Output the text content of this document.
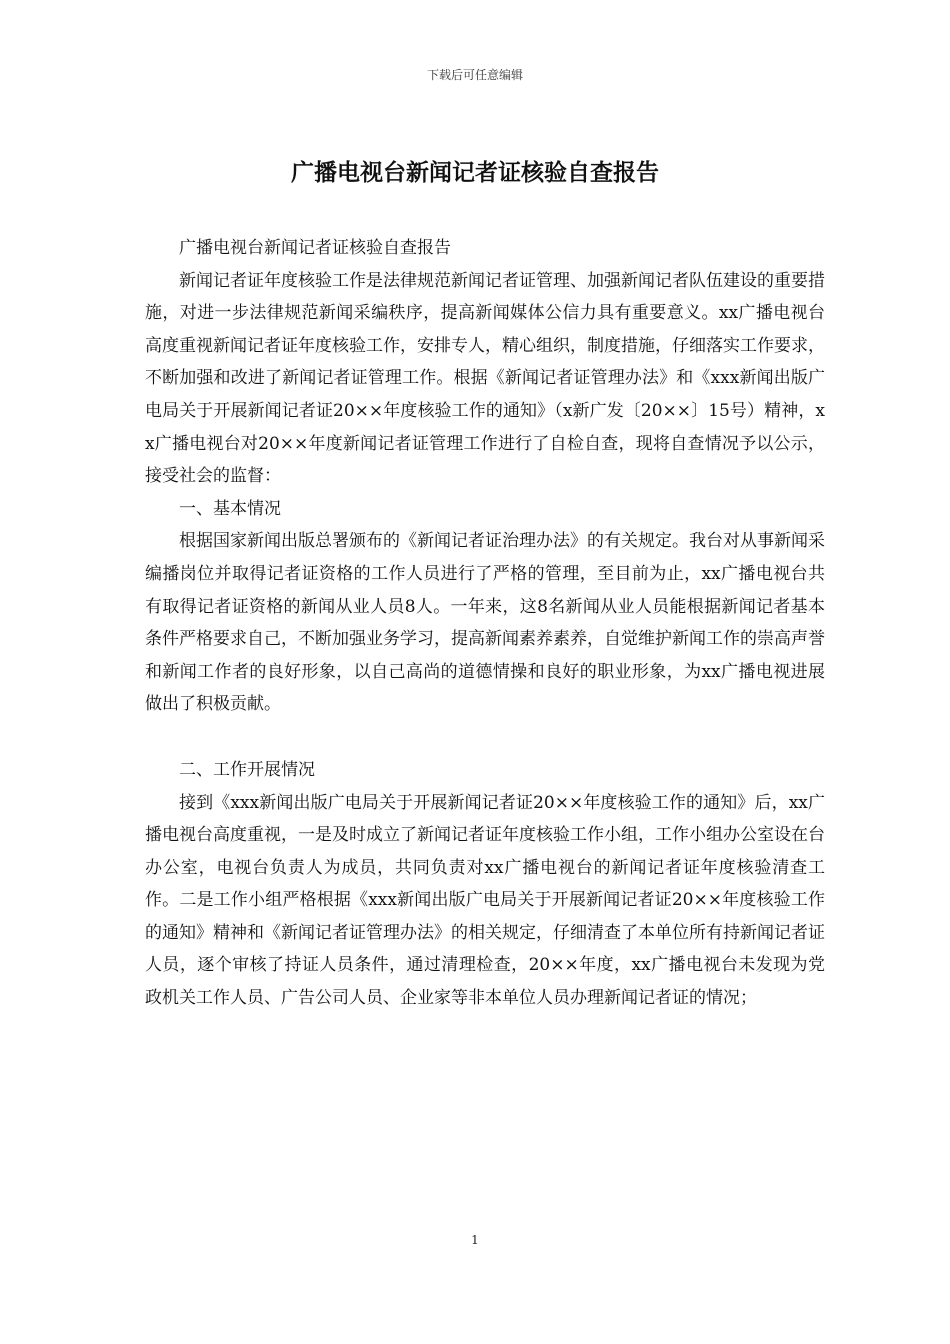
下载后可任意编辑
广播电视台新闻记者证核验自查报告

广播电视台新闻记者证核验自查报告

新闻记者证年度核验工作是法律规范新闻记者证管理、加强新闻记者队伍建设的重要措施，对进一步法律规范新闻采编秩序，提高新闻媒体公信力具有重要意义。xx广播电视台高度重视新闻记者证年度核验工作，安排专人，精心组织，制度措施，仔细落实工作要求，不断加强和改进了新闻记者证管理工作。根据《新闻记者证管理办法》和《xxx新闻出版广电局关于开展新闻记者证20××年度核验工作的通知》（x新广发〔20××〕15号）精神，xx广播电视台对20××年度新闻记者证管理工作进行了自检自查，现将自查情况予以公示，接受社会的监督：

一、基本情况

根据国家新闻出版总署颁布的《新闻记者证治理办法》的有关规定。我台对从事新闻采编播岗位并取得记者证资格的工作人员进行了严格的管理，至目前为止，xx广播电视台共有取得记者证资格的新闻从业人员8人。一年来，这8名新闻从业人员能根据新闻记者基本条件严格要求自己，不断加强业务学习，提高新闻素养素养，自觉维护新闻工作的崇高声誉和新闻工作者的良好形象，以自己高尚的道德情操和良好的职业形象，为xx广播电视进展做出了积极贡献。

二、工作开展情况

接到《xxx新闻出版广电局关于开展新闻记者证20××年度核验工作的通知》后，xx广播电视台高度重视，一是及时成立了新闻记者证年度核验工作小组，工作小组办公室设在台办公室，电视台负责人为成员，共同负责对xx广播电视台的新闻记者证年度核验清查工作。二是工作小组严格根据《xxx新闻出版广电局关于开展新闻记者证20××年度核验工作的通知》精神和《新闻记者证管理办法》的相关规定，仔细清查了本单位所有持新闻记者证人员，逐个审核了持证人员条件，通过清理检查，20××年度，xx广播电视台未发现为党政机关工作人员、广告公司人员、企业家等非本单位人员办理新闻记者证的情况；

1
